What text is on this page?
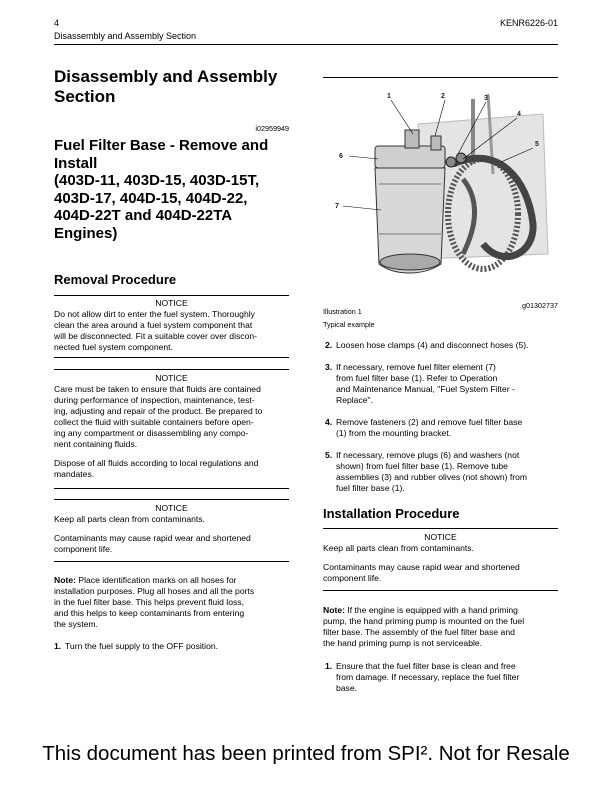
4	KENR6226-01
Disassembly and Assembly Section
Disassembly and Assembly
Section
i02959949
Fuel Filter Base - Remove and
Install
(403D-11, 403D-15, 403D-15T,
403D-17, 404D-15, 404D-22,
404D-22T and 404D-22TA
Engines)
Removal Procedure
NOTICE
Do not allow dirt to enter the fuel system. Thoroughly
clean the area around a fuel system component that
will be disconnected. Fit a suitable cover over discon-
nected fuel system component.
NOTICE
Care must be taken to ensure that fluids are contained
during performance of inspection, maintenance, test-
ing, adjusting and repair of the product. Be prepared to
collect the fluid with suitable containers before open-
ing any compartment or disassembling any compo-
nent containing fluids.
Dispose of all fluids according to local regulations and
mandates.
NOTICE
Keep all parts clean from contaminants.
Contaminants may cause rapid wear and shortened
component life.
Note: Place identification marks on all hoses for
installation purposes. Plug all hoses and all the ports
in the fuel filter base. This helps prevent fluid loss,
and this helps to keep contaminants from entering
the system.
1. Turn the fuel supply to the OFF position.
1	2	3
4
5
6
7
Illustration 1
g01302737
Typical example
2. Loosen hose clamps (4) and disconnect hoses (5).
3. If necessary, remove fuel filter element (7)
from fuel filter base (1). Refer to Operation
and Maintenance Manual, "Fuel System Filter -
Replace".
4. Remove fasteners (2) and remove fuel filter base
(1) from the mounting bracket.
5. If necessary, remove plugs (6) and washers (not
shown) from fuel filter base (1). Remove tube
assemblies (3) and rubber olives (not shown) from
fuel filter base (1).
Installation Procedure
NOTICE
Keep all parts clean from contaminants.
Contaminants may cause rapid wear and shortened
component life.
Note: If the engine is equipped with a hand priming
pump, the hand priming pump is mounted on the fuel
filter base. The assembly of the fuel filter base and
the hand priming pump is not serviceable.
1. Ensure that the fuel filter base is clean and free
from damage. If necessary, replace the fuel filter
base.
This document has been printed from SPI². Not for Resale
